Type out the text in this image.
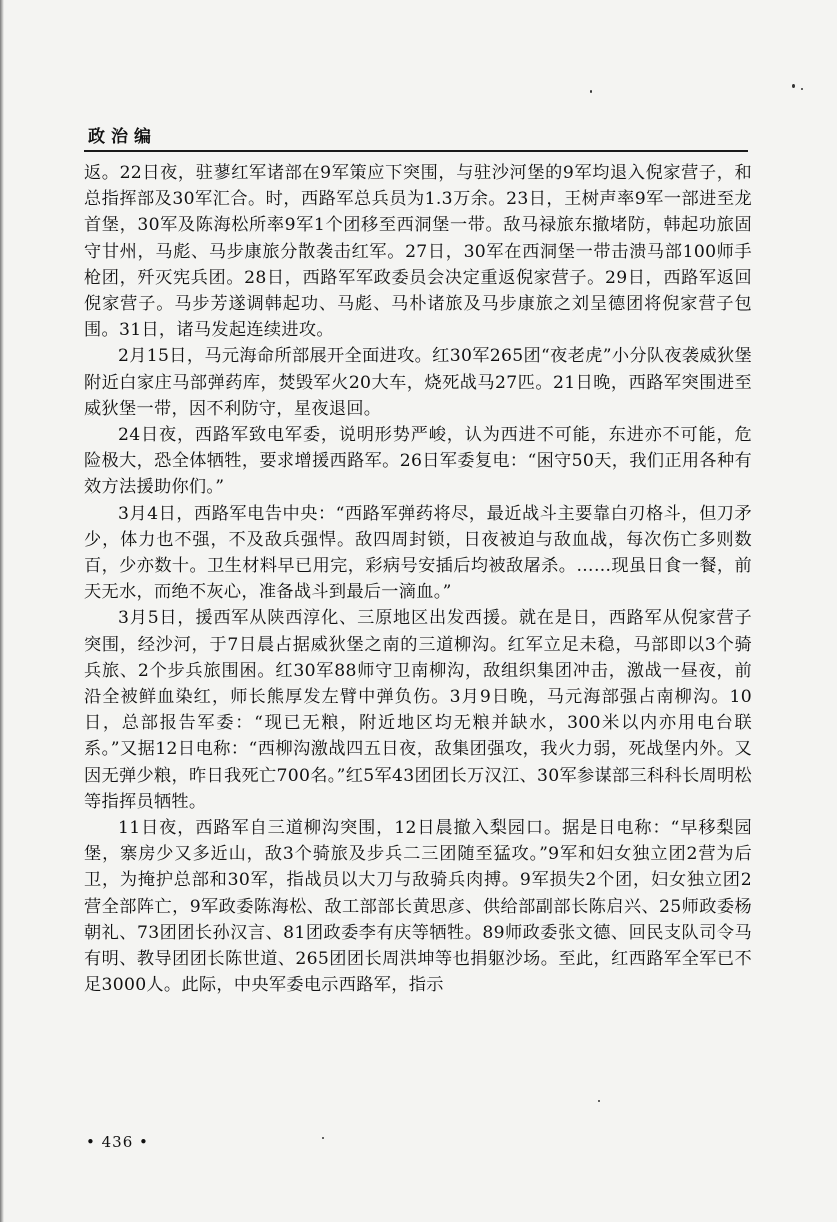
政治编

返。22日夜，驻蓼红军诸部在9军策应下突围，与驻沙河堡的9军均退入倪家营子，和总指挥部及30军汇合。时，西路军总兵员为1.3万余。23日，王树声率9军一部进至龙首堡，30军及陈海松所率9军1个团移至西洞堡一带。敌马禄旅东撤堵防，韩起功旅固守甘州，马彪、马步康旅分散袭击红军。27日，30军在西洞堡一带击溃马部100师手枪团，歼灭宪兵团。28日，西路军军政委员会决定重返倪家营子。29日，西路军返回倪家营子。马步芳遂调韩起功、马彪、马朴诸旅及马步康旅之刘呈德团将倪家营子包围。31日，诸马发起连续进攻。

2月15日，马元海命所部展开全面进攻。红30军265团“夜老虎”小分队夜袭威狄堡附近白家庄马部弹药库，焚毁军火20大车，烧死战马27匹。21日晚，西路军突围进至威狄堡一带，因不利防守，星夜退回。

24日夜，西路军致电军委，说明形势严峻，认为西进不可能，东进亦不可能，危险极大，恐全体牺牲，要求增援西路军。26日军委复电：“困守50天，我们正用各种有效方法援助你们。”

3月4日，西路军电告中央：“西路军弹药将尽，最近战斗主要靠白刃格斗，但刀矛少，体力也不强，不及敌兵强悍。敌四周封锁，日夜被迫与敌血战，每次伤亡多则数百，少亦数十。卫生材料早已用完，彩病号安插后均被敌屠杀。……现虽日食一餐，前天无水，而绝不灰心，准备战斗到最后一滴血。”

3月5日，援西军从陕西淳化、三原地区出发西援。就在是日，西路军从倪家营子突围，经沙河，于7日晨占据威狄堡之南的三道柳沟。红军立足未稳，马部即以3个骑兵旅、2个步兵旅围困。红30军88师守卫南柳沟，敌组织集团冲击，激战一昼夜，前沿全被鲜血染红，师长熊厚发左臂中弹负伤。3月9日晚，马元海部强占南柳沟。10日，总部报告军委：“现已无粮，附近地区均无粮并缺水，300米以内亦用电台联系。”又据12日电称：“西柳沟激战四五日夜，敌集团强攻，我火力弱，死战堡内外。又因无弹少粮，昨日我死亡700名。”红5军43团团长万汉江、30军参谋部三科科长周明松等指挥员牺牲。

11日夜，西路军自三道柳沟突围，12日晨撤入梨园口。据是日电称：“早移梨园堡，寨房少又多近山，敌3个骑旅及步兵二三团随至猛攻。”9军和妇女独立团2营为后卫，为掩护总部和30军，指战员以大刀与敌骑兵肉搏。9军损失2个团，妇女独立团2营全部阵亡，9军政委陈海松、敌工部部长黄思彦、供给部副部长陈启兴、25师政委杨朝礼、73团团长孙汉言、81团政委李有庆等牺牲。89师政委张文德、回民支队司令马有明、教导团团长陈世道、265团团长周洪坤等也捐躯沙场。至此，红西路军全军已不足3000人。此际，中央军委电示西路军，指示

• 436 •
